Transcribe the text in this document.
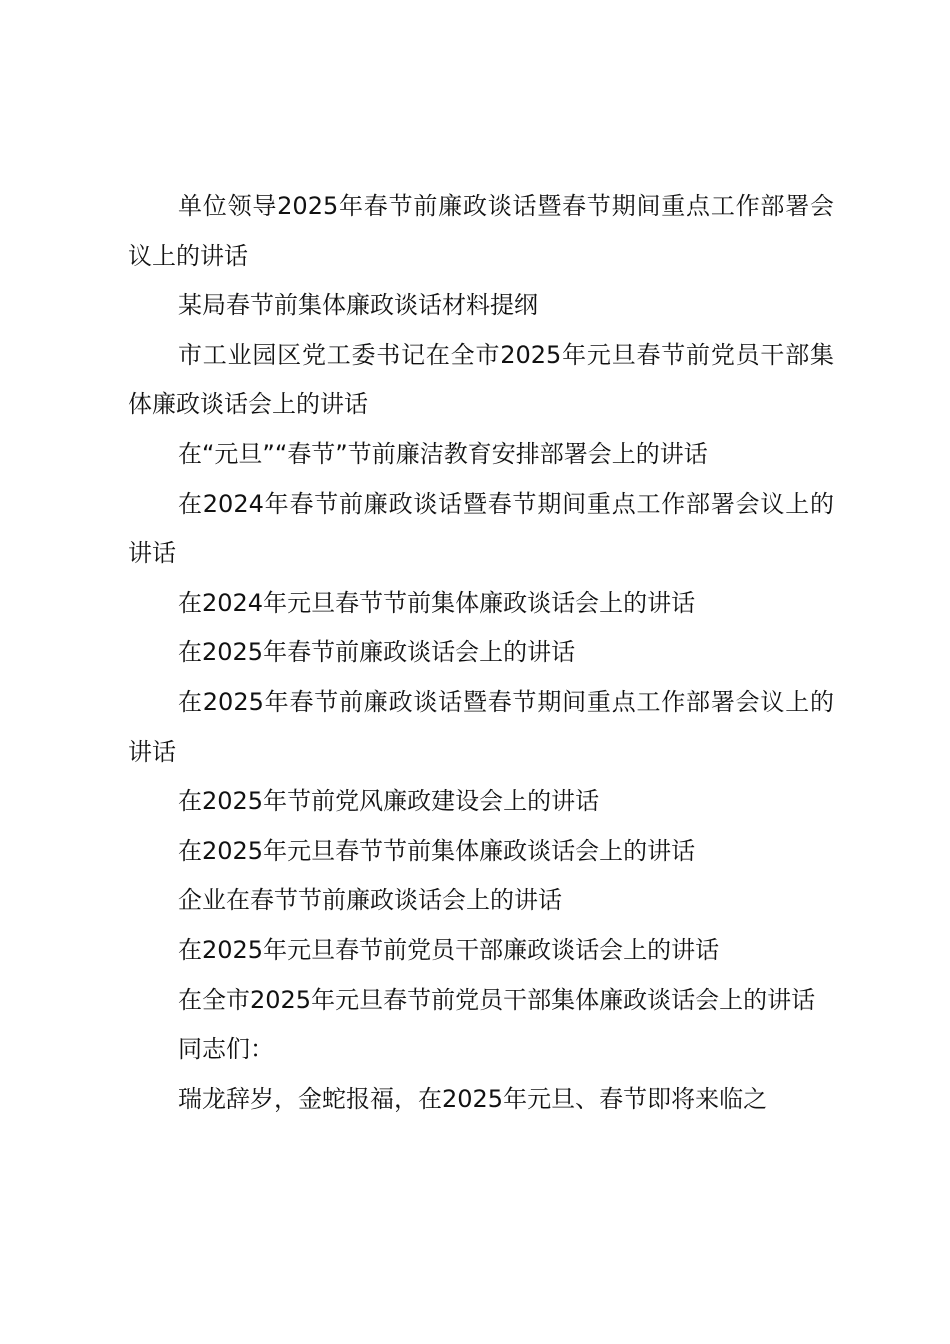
单位领导2025年春节前廉政谈话暨春节期间重点工作部署会议上的讲话

某局春节前集体廉政谈话材料提纲

市工业园区党工委书记在全市2025年元旦春节前党员干部集体廉政谈话会上的讲话

在“元旦”“春节”节前廉洁教育安排部署会上的讲话

在2024年春节前廉政谈话暨春节期间重点工作部署会议上的讲话

在2024年元旦春节节前集体廉政谈话会上的讲话

在2025年春节前廉政谈话会上的讲话

在2025年春节前廉政谈话暨春节期间重点工作部署会议上的讲话

在2025年节前党风廉政建设会上的讲话

在2025年元旦春节节前集体廉政谈话会上的讲话

企业在春节节前廉政谈话会上的讲话

在2025年元旦春节前党员干部廉政谈话会上的讲话

在全市2025年元旦春节前党员干部集体廉政谈话会上的讲话

同志们：

瑞龙辞岁，金蛇报福，在2025年元旦、春节即将来临之
